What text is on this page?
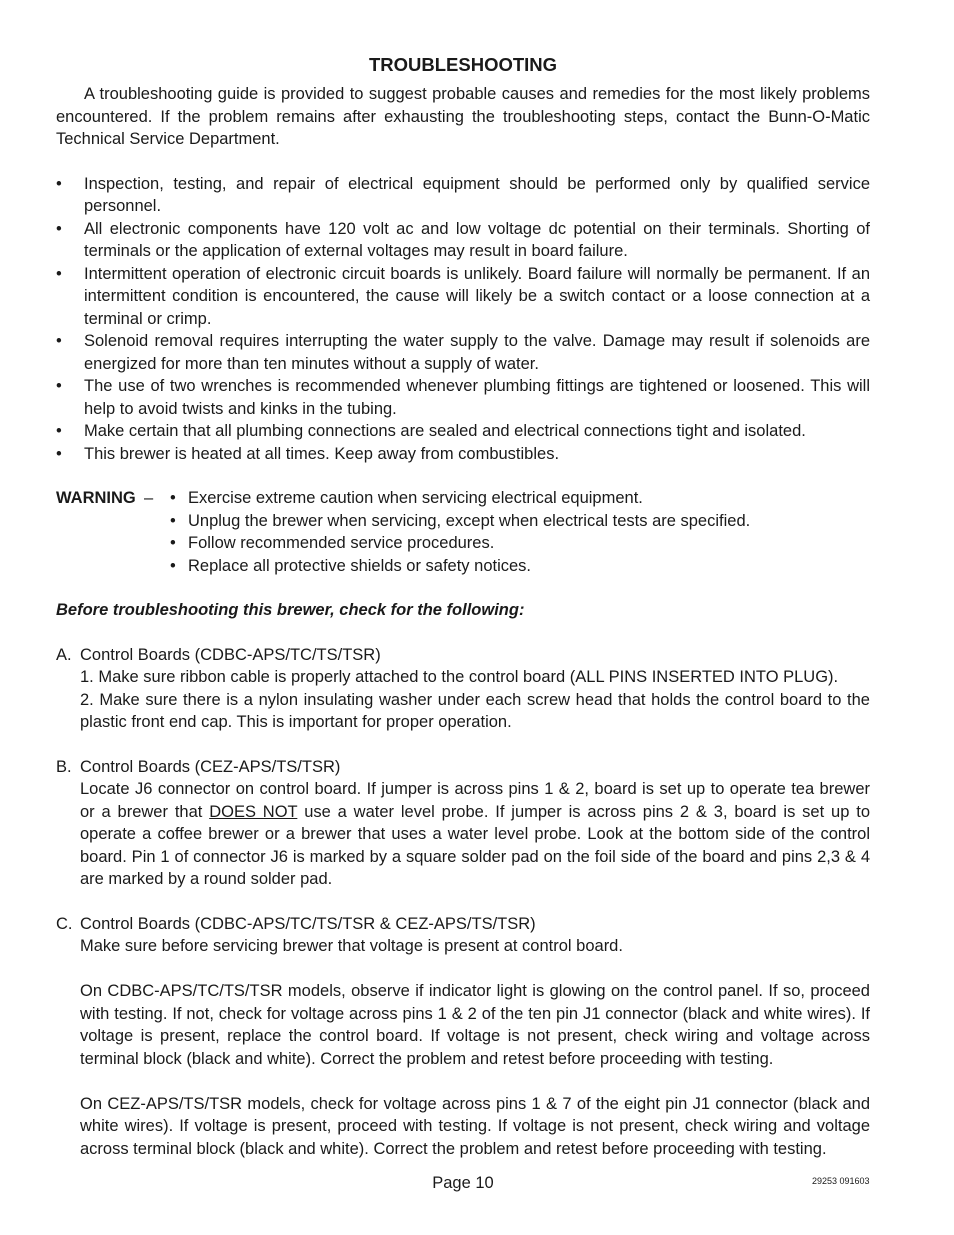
TROUBLESHOOTING

A troubleshooting guide is provided to suggest probable causes and remedies for the most likely problems encountered. If the problem remains after exhausting the troubleshooting steps, contact the Bunn-O-Matic Technical Service Department.

• Inspection, testing, and repair of electrical equipment should be performed only by qualified service personnel.
• All electronic components have 120 volt ac and low voltage dc potential on their terminals. Shorting of terminals or the application of external voltages may result in board failure.
• Intermittent operation of electronic circuit boards is unlikely. Board failure will normally be permanent. If an intermittent condition is encountered, the cause will likely be a switch contact or a loose connection at a terminal or crimp.
• Solenoid removal requires interrupting the water supply to the valve. Damage may result if solenoids are energized for more than ten minutes without a supply of water.
• The use of two wrenches is recommended whenever plumbing fittings are tightened or loosened. This will help to avoid twists and kinks in the tubing.
• Make certain that all plumbing connections are sealed and electrical connections tight and isolated.
• This brewer is heated at all times. Keep away from combustibles.
WARNING – • Exercise extreme caution when servicing electrical equipment.
• Unplug the brewer when servicing, except when electrical tests are specified.
• Follow recommended service procedures.
• Replace all protective shields or safety notices.

Before troubleshooting this brewer, check for the following:

A. Control Boards (CDBC-APS/TC/TS/TSR)

1. Make sure ribbon cable is properly attached to the control board (ALL PINS INSERTED INTO PLUG).

2. Make sure there is a nylon insulating washer under each screw head that holds the control board to the plastic front end cap. This is important for proper operation.

B. Control Boards (CEZ-APS/TS/TSR)

Locate J6 connector on control board. If jumper is across pins 1 & 2, board is set up to operate tea brewer or a brewer that DOES NOT use a water level probe. If jumper is across pins 2 & 3, board is set up to operate a coffee brewer or a brewer that uses a water level probe. Look at the bottom side of the control board. Pin 1 of connector J6 is marked by a square solder pad on the foil side of the board and pins 2,3 & 4 are marked by a round solder pad.

C. Control Boards (CDBC-APS/TC/TS/TSR & CEZ-APS/TS/TSR)

Make sure before servicing brewer that voltage is present at control board.

On CDBC-APS/TC/TS/TSR models, observe if indicator light is glowing on the control panel. If so, proceed with testing. If not, check for voltage across pins 1 & 2 of the ten pin J1 connector (black and white wires). If voltage is present, replace the control board. If voltage is not present, check wiring and voltage across terminal block (black and white). Correct the problem and retest before proceeding with testing.

On CEZ-APS/TS/TSR models, check for voltage across pins 1 & 7 of the eight pin J1 connector (black and white wires). If voltage is present, proceed with testing. If voltage is not present, check wiring and voltage across terminal block (black and white). Correct the problem and retest before proceeding with testing.

Page 10	29253 091603
